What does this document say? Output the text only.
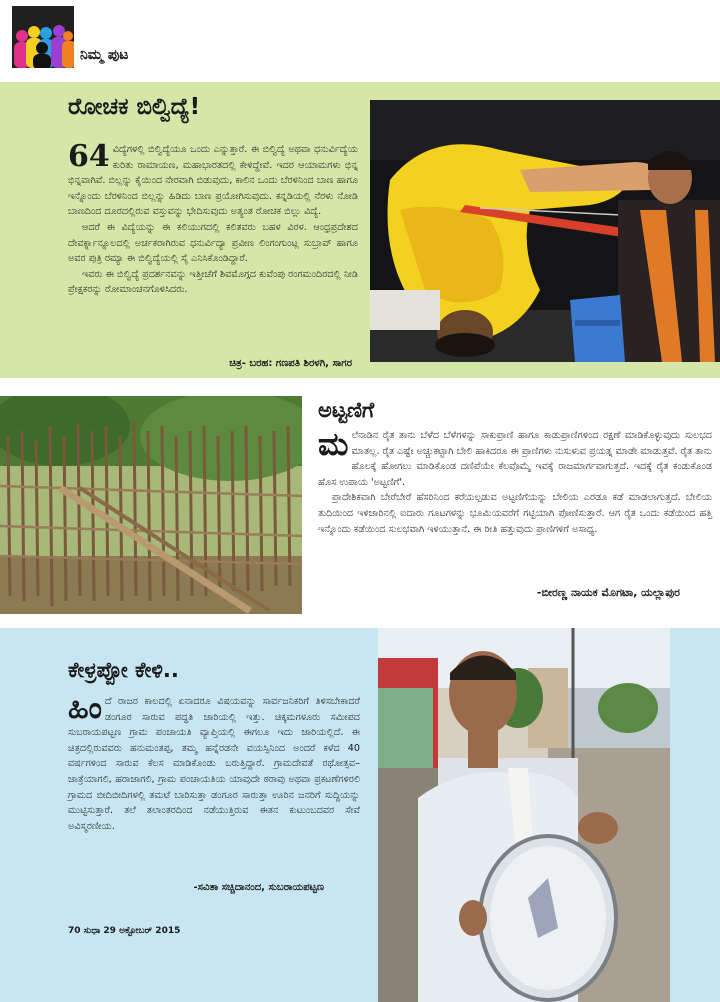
ನಿಮ್ಮ ಪುಟ
ರೋಚಕ ಬಿಲ್ವಿದ್ಯೆ!
64 ವಿದ್ಯೆಗಳಲ್ಲಿ ಬಿಲ್ವಿದ್ಯೆಯೂ ಒಂದು ಎನ್ನುತ್ತಾರೆ. ಈ ಬಿಲ್ವಿದ್ಯೆ ಅಥವಾ ಧನುರ್ವಿದ್ಯೆಯ ಕುರಿತು ರಾಮಾಯಣ, ಮಹಾಭಾರತದಲ್ಲಿ ಕೇಳಿದ್ದೇವೆ. ಇದರ ಆಯಾಮಗಳು ಭಿನ್ನ ಭಿನ್ನವಾಗಿವೆ. ಬಿಲ್ಲನ್ನು ಕೈಯಿಂದ ನೇರವಾಗಿ ಬಿಡುವುದು, ಕಾಲಿನ ಒಂದು ಬೆರಳಿನಿಂದ ಬಾಣ ಹಾಗೂ ಇನ್ನೊಂದು ಬೆರಳಿನಿಂದ ಬಿಲ್ಲನ್ನು ಹಿಡಿದು ಬಾಣ ಪ್ರಯೋಗಿಸುವುದು. ಕನ್ನಡಿಯಲ್ಲಿ ನೆರಳು ನೋಡಿ ಬಾಣದಿಂದ ದೂರದಲ್ಲಿರುವ ವಸ್ತುವನ್ನು ಭೇದಿಸುವುದು ಅತ್ಯಂತ ರೋಚಕ ಬಿಲ್ಲು ವಿದ್ಯೆ.

ಆದರೆ ಈ ವಿದ್ಯೆಯನ್ನು ಈ ಕಲಿಯುಗದಲ್ಲಿ ಕಲಿತವರು ಬಹಳ ವಿರಳ. ಆಂಧ್ರಪ್ರದೇಶದ ದೇವರ್ಕ್ನಾನ್ನೂಲದಲ್ಲಿ ಅರ್ಚಕರಾಗಿರುವ ಧನುರ್ವಿದ್ಯಾ ಪ್ರವೀಣ ಲಿಂಗಂಗುಂಟ್ಲ ಸುಬ್ರಾವ್ ಹಾಗೂ ಅವರ ಪುತ್ರಿ ರಮ್ಯಾ ಈ ಬಿಲ್ವಿದ್ಯೆಯಲ್ಲಿ ಸೈ ಎನಿಸಿಕೊಂಡಿದ್ದಾರೆ.

ಇವರು ಈ ಬಿಲ್ವಿದ್ಯೆ ಪ್ರದರ್ಶನವನ್ನು ಇತ್ತೀಚೆಗೆ ಶಿವಮೊಗ್ಗದ ಕುವೆಂಪು ರಂಗಮಂದಿರದಲ್ಲಿ ನೀಡಿ ಪ್ರೇಕ್ಷಕರನ್ನು ರೋಮಾಂಚನಗೊಳಿಸಿದರು.

ಚಿತ್ರ- ಬರಹ: ಗಣಪತಿ ಶಿರಳಗಿ, ಸಾಗರ
ಅಟ್ಟಣಿಗೆ
ಮ ಲೆನಾಡಿನ ರೈತ ತಾನು ಬೆಳೆದ ಬೆಳೆಗಳನ್ನು ಸಾಕುಪ್ರಾಣಿ ಹಾಗೂ ಕಾಡುಪ್ರಾಣಿಗಳಿಂದ ರಕ್ಷಣೆ ಮಾಡಿಕೊಳ್ಳುವುದು ಸುಲಭದ ಮಾತಲ್ಲ. ರೈತ ಎಷ್ಟೇ ಅಚ್ಚುಕಟ್ಟಾಗಿ ಬೇಲಿ ಹಾಕಿದರೂ ಈ ಪ್ರಾಣಿಗಳು ನುಸುಳುವ ಪ್ರಯತ್ನ ಮಾಡೇ ಮಾಡುತ್ತವೆ. ರೈತ ತಾನು ಹೊಲಕ್ಕೆ ಹೋಗಲು ಮಾಡಿಕೊಂಡ ದಣಿಪೆಯೇ ಕೆಲವೊಮ್ಮೆ ಇವಕ್ಕೆ ರಾಜಮಾರ್ಗವಾಗುತ್ತದೆ. ಇದಕ್ಕೆ ರೈತ ಕಂಡುಕೊಂಡ ಹೊಸ ಉಪಾಯ 'ಅಟ್ಟಣಿಗೆ'.

ಪ್ರಾದೇಶಿಕವಾಗಿ ಬೇರೆಬೇರೆ ಹೆಸರಿನಿಂದ ಕರೆಯಲ್ಪಡುವ ಅಟ್ಟಣಿಗೆಯನ್ನು ಬೇಲಿಯ ಎರಡೂ ಕಡೆ ಮಾಡಲಾಗುತ್ತದೆ. ಬೇಲಿಯ ತುದಿಯಿಂದ ಇಳಿಜಾರಿನಲ್ಲಿ ಐದಾರು ಗೂಟಗಳನ್ನು ಭೂಮಿಯವರೆಗೆ ಗಟ್ಟಿಯಾಗಿ ಪೋಣಿಸುತ್ತಾರೆ. ಆಗ ರೈತ ಒಂದು ಕಡೆಯಿಂದ ಹತ್ತಿ ಇನ್ನೊಂದು ಕಡೆಯಿಂದ ಸುಲಭವಾಗಿ ಇಳಿಯುತ್ತಾನೆ. ಈ ರೀತಿ ಹತ್ತುವುದು ಪ್ರಾಣಿಗಳಿಗೆ ಅಸಾಧ್ಯ.

-ಬೀರಣ್ಣ ನಾಯಕ ಮೊಗಟಾ, ಯಲ್ಲಾಪುರ
ಕೇಳ್ರಪ್ಪೋ ಕೇಳಿ..
ಹಿಂ ದೆ ರಾಜರ ಕಾಲದಲ್ಲಿ ಏನಾದರೂ ವಿಷಯವನ್ನು ಸಾರ್ವಜನಿಕರಿಗೆ ತಿಳಿಸಬೇಕಾದರೆ ಡಂಗೂರ ಸಾರುವ ಪದ್ಧತಿ ಜಾರಿಯಲ್ಲಿ ಇತ್ತು. ಚಿಕ್ಕಮಗಳೂರು ಸಮೀಪದ ಸುಬರಾಯಪಟ್ಟಣ ಗ್ರಾಮ ಪಂಚಾಯತಿ ವ್ಯಾಪ್ತಿಯಲ್ಲಿ ಈಗಲೂ ಇದು ಜಾರಿಯಲ್ಲಿದೆ. ಈ ಚಿತ್ರದಲ್ಲಿರುವವರು ಹನುಮಂತಪ್ಪ, ತಮ್ಮ ಹನ್ನೆರಡನೇ ವಯಸ್ಸಿನಿಂದ ಅಂದರೆ ಕಳೆದ 40 ವರ್ಷಗಳಿಂದ ಸಾರುವ ಕೆಲಸ ಮಾಡಿಕೊಂಡು ಬರುತ್ತಿದ್ದಾರೆ. ಗ್ರಾಮದೇವತೆ ರಥೋತ್ಸವ–ಜಾತ್ರೆಯಾಗಲಿ, ಹರಾಜಾಗಲಿ, ಗ್ರಾಮ ಪಂಚಾಯತಿಯ ಯಾವುದೇ ಠರಾವು ಅಥವಾ ಪ್ರಕಟಣೆಗಳಿರಲಿ ಗ್ರಾಮದ ಬೀದಿಬೀದಿಗಳಲ್ಲಿ ತಮಟೆ ಬಾರಿಸುತ್ತಾ ಡಂಗೂರ ಸಾರುತ್ತಾ ಊರಿನ ಜನರಿಗೆ ಸುದ್ದಿಯನ್ನು ಮುಟ್ಟಿಸುತ್ತಾರೆ. ತಲೆ ತಲಾಂತರದಿಂದ ನಡೆಯುತ್ತಿರುವ ಈತನ ಕುಟುಂಬದವರ ಸೇವೆ ಅವಿಸ್ಮರಣೀಯ.

-ಸವಿತಾ ಸಚ್ಚಿದಾನಂದ, ಸುಬರಾಯಪಟ್ಟಣ
70 ಸುಧಾ 29 ಅಕ್ಟೋಬರ್ 2015
